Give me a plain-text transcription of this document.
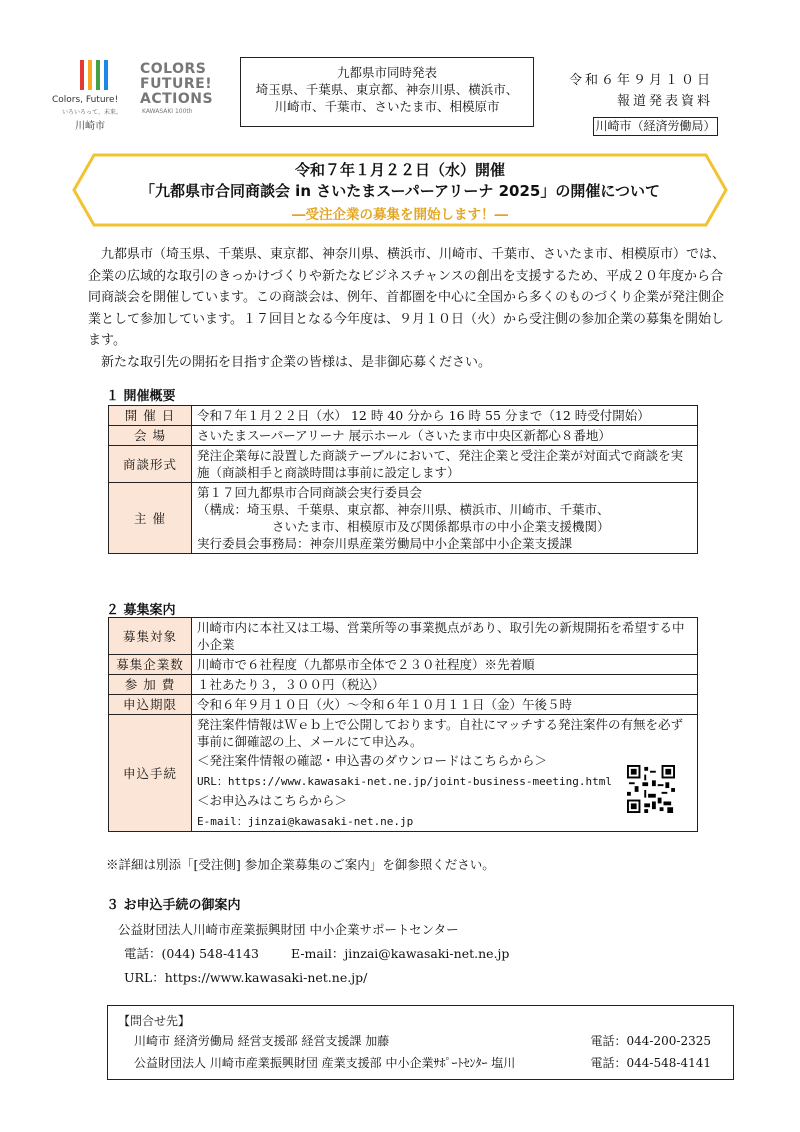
Colors, Future!
いろいろって、未来。
川崎市
COLORS
FUTURE!
ACTIONS
KAWASAKI 100th
九都県市同時発表
埼玉県、千葉県、東京都、神奈川県、横浜市、
川崎市、千葉市、さいたま市、相模原市
令和６年９月１０日
報道発表資料
川崎市（経済労働局）
令和７年１月２２日（水）開催
「九都県市合同商談会 in さいたまスーパーアリーナ 2025」の開催について
―受注企業の募集を開始します！―

九都県市（埼玉県、千葉県、東京都、神奈川県、横浜市、川崎市、千葉市、さいたま市、相模原市）では、企業の広域的な取引のきっかけづくりや新たなビジネスチャンスの創出を支援するため、平成２０年度から合同商談会を開催しています。この商談会は、例年、首都圏を中心に全国から多くのものづくり企業が発注側企業として参加しています。１７回目となる今年度は、９月１０日（火）から受注側の参加企業の募集を開始します。

新たな取引先の開拓を目指す企業の皆様は、是非御応募ください。

１ 開催概要
開 催 日	令和７年１月２２日（水） 12 時 40 分から 16 時 55 分まで（12 時受付開始）
会 場	さいたまスーパーアリーナ 展示ホール（さいたま市中央区新都心８番地）
商談形式	発注企業毎に設置した商談テーブルにおいて、発注企業と受注企業が対面式で商談を実施（商談相手と商談時間は事前に設定します）
主 催	第１７回九都県市合同商談会実行委員会
（構成：埼玉県、千葉県、東京都、神奈川県、横浜市、川崎市、千葉市、
さいたま市、相模原市及び関係都県市の中小企業支援機関）
実行委員会事務局：神奈川県産業労働局中小企業部中小企業支援課
２ 募集案内
募集対象	川崎市内に本社又は工場、営業所等の事業拠点があり、取引先の新規開拓を希望する中小企業
募集企業数	川崎市で６社程度（九都県市全体で２３０社程度）※先着順
参 加 費	１社あたり３，３００円（税込）
申込期限	令和６年９月１０日（火）～令和６年１０月１１日（金）午後５時
申込手続	発注案件情報はＷｅｂ上で公開しております。自社にマッチする発注案件の有無を必ず事前に御確認の上、メールにて申込み。
＜発注案件情報の確認・申込書のダウンロードはこちらから＞
URL：https://www.kawasaki-net.ne.jp/joint-business-meeting.html
＜お申込みはこちらから＞
E-mail：jinzai@kawasaki-net.ne.jp
※詳細は別添「[受注側] 参加企業募集のご案内」を御参照ください。
３ お申込手続の御案内
公益財団法人川崎市産業振興財団 中小企業サポートセンター
電話：(044) 548-4143	E-mail：jinzai@kawasaki-net.ne.jp
URL：https://www.kawasaki-net.ne.jp/
【問合せ先】
川崎市 経済労働局 経営支援部 経営支援課 加藤	電話：044-200-2325
公益財団法人 川崎市産業振興財団 産業支援部 中小企業ｻﾎﾟｰﾄｾﾝﾀｰ 塩川	電話：044-548-4141
